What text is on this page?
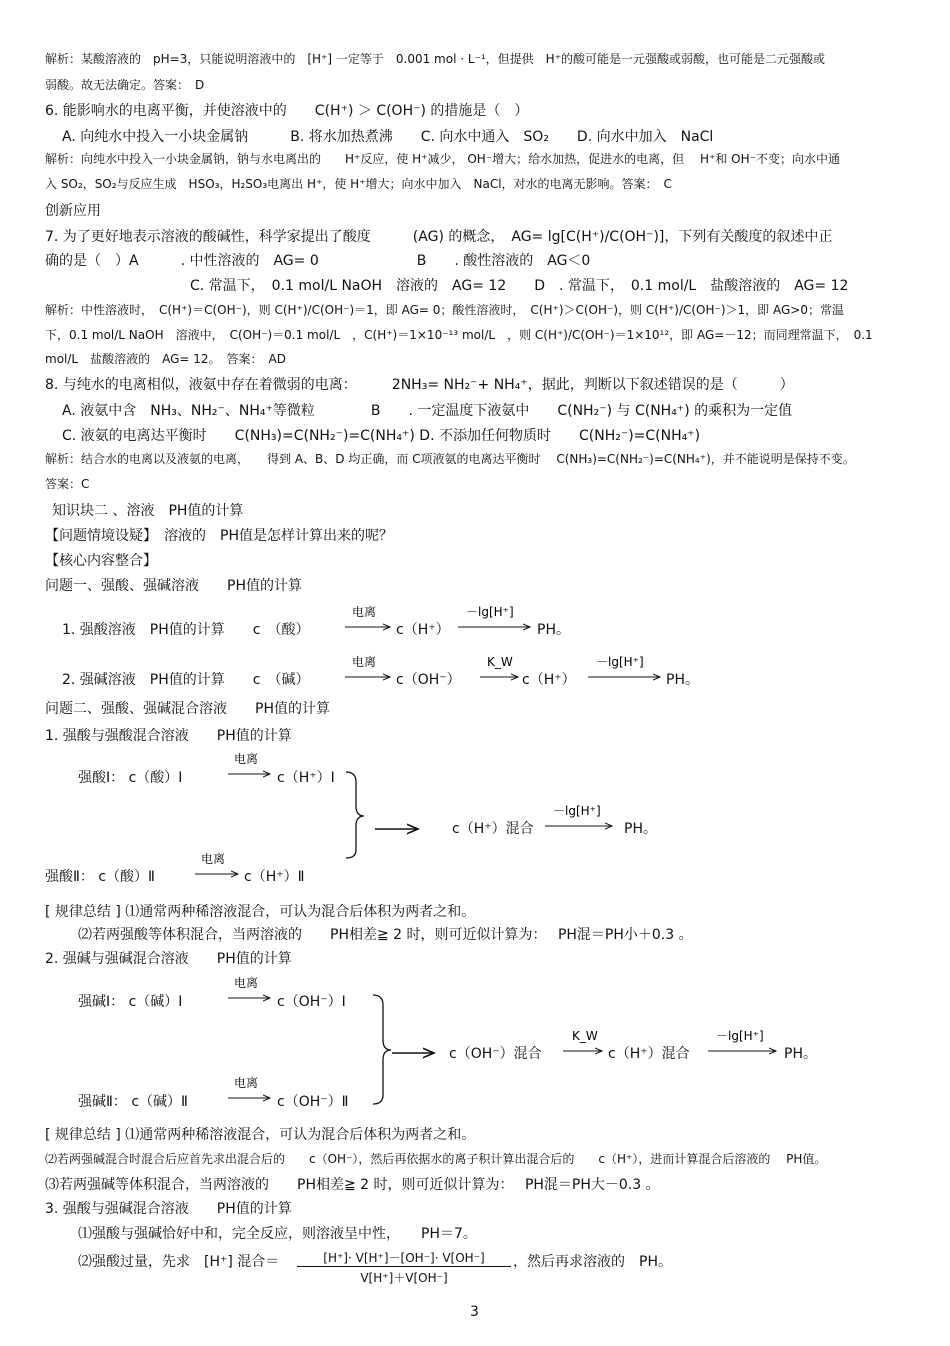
解析：某酸溶液的　pH=3，只能说明溶液中的　[H⁺] 一定等于　0.001 mol · L⁻¹，但提供　H⁺的酸可能是一元强酸或弱酸，也可能是二元强酸或
弱酸。故无法确定。答案：　D
6. 能影响水的电离平衡，并使溶液中的　　C(H⁺) ＞ C(OH⁻) 的措施是（　）
A. 向纯水中投入一小块金属钠　　　B. 将水加热煮沸　　C. 向水中通入　SO₂　　D. 向水中加入　NaCl
解析：向纯水中投入一小块金属钠，钠与水电离出的　　H⁺反应，使 H⁺减少， OH⁻增大；给水加热，促进水的电离，但　 H⁺和 OH⁻不变；向水中通
入 SO₂，SO₂与反应生成　HSO₃，H₂SO₃电离出 H⁺，使 H⁺增大；向水中加入　NaCl，对水的电离无影响。答案：　C
创新应用
7. 为了更好地表示溶液的酸碱性，科学家提出了酸度　　　(AG) 的概念，　AG= lg[C(H⁺)/C(OH⁻)]，下列有关酸度的叙述中正
确的是（　）A　　　. 中性溶液的　AG= 0　　　　　　　B　　. 酸性溶液的　AG＜0
C. 常温下，　0.1 mol/L NaOH　溶液的　AG= 12　　D　. 常温下，　0.1 mol/L　盐酸溶液的　AG= 12
解析：中性溶液时，　C(H⁺)＝C(OH⁻)，则 C(H⁺)/C(OH⁻)＝1，即 AG= 0；酸性溶液时，　C(H⁺)＞C(OH⁻)，则 C(H⁺)/C(OH⁻)＞1，即 AG>0；常温
下，0.1 mol/L NaOH　溶液中，　C(OH⁻)＝0.1 mol/L　，C(H⁺)＝1×10⁻¹³ mol/L　，则 C(H⁺)/C(OH⁻)＝1×10¹²，即 AG=－12；而同理常温下，　0.1
mol/L　盐酸溶液的　AG= 12。　答案：　AD
8. 与纯水的电离相似，液氨中存在着微弱的电离：　　　2NH₃= NH₂⁻+ NH₄⁺，据此，判断以下叙述错误的是（　　　）
A. 液氨中含　NH₃、NH₂⁻、NH₄⁺等微粒　　　　B　　. 一定温度下液氨中　　C(NH₂⁻) 与 C(NH₄⁺) 的乘积为一定值
C. 液氨的电离达平衡时　　C(NH₃)=C(NH₂⁻)=C(NH₄⁺) D. 不添加任何物质时　　C(NH₂⁻)=C(NH₄⁺)
解析：结合水的电离以及液氨的电离，　　得到 A、B、D 均正确，而 C项液氨的电离达平衡时　 C(NH₃)=C(NH₂⁻)=C(NH₄⁺)，并不能说明是保持不变。
答案：C
知识块二 、溶液　PH值的计算
【问题情境设疑】　溶液的　PH值是怎样计算出来的呢？
【核心内容整合】
问题一、强酸、强碱溶液　　PH值的计算
1. 强酸溶液　PH值的计算　　c　（酸）	c（H⁺）	PH。
2. 强碱溶液　PH值的计算　　c　（碱）	c（OH⁻）	c（H⁺）	PH。
问题二、强酸、强碱混合溶液　　PH值的计算
1. 强酸与强酸混合溶液　　PH值的计算
强酸Ⅰ： c（酸）Ⅰ	c（H⁺）Ⅰ
强酸Ⅱ： c（酸）Ⅱ	c（H⁺）Ⅱ
c（H⁺）混合	PH。
[ 规律总结 ] ⑴通常两种稀溶液混合，可认为混合后体积为两者之和。
⑵若两强酸等体积混合，当两溶液的　　PH相差≧ 2 时，则可近似计算为：　 PH混＝PH小＋0.3 。
2. 强碱与强碱混合溶液　　PH值的计算
强碱Ⅰ： c（碱）Ⅰ	c（OH⁻）Ⅰ
强碱Ⅱ： c（碱）Ⅱ	c（OH⁻）Ⅱ
c（OH⁻）混合	c（H⁺）混合	PH。
[ 规律总结 ] ⑴通常两种稀溶液混合，可认为混合后体积为两者之和。
⑵若两强碱混合时混合后应首先求出混合后的　　c（OH⁻），然后再依据水的离子积计算出混合后的　　c（H⁺），进而计算混合后溶液的　 PH值。
⑶若两强碱等体积混合，当两溶液的　　PH相差≧ 2 时，则可近似计算为：　 PH混＝PH大－0.3 。
3. 强酸与强碱混合溶液　　PH值的计算
⑴强酸与强碱恰好中和，完全反应，则溶液呈中性，　　PH＝7。
⑵强酸过量，先求　[H⁺] 混合＝	[H⁺]· V[H⁺]－[OH⁻]· V[OH⁻]
V[H⁺]＋V[OH⁻]
，然后再求溶液的　PH。
3
电离	－lg[H⁺]
电离	K_W	－lg[H⁺]
电离
电离
－lg[H⁺]
电离
电离
K_W	－lg[H⁺]
